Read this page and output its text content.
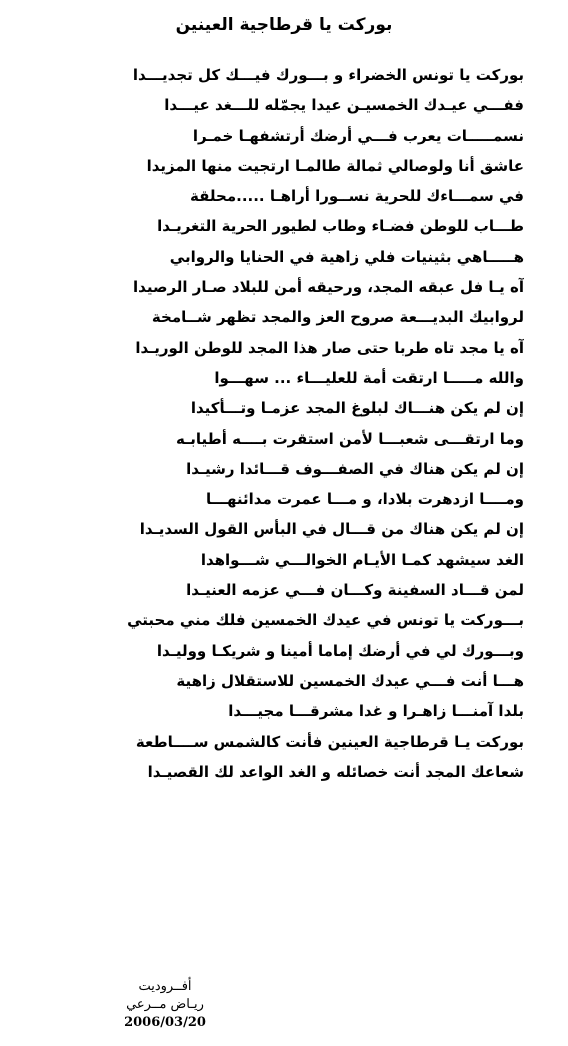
بوركت يا قرطاجية العينين
بوركت يا تونس الخضراء و بـــورك فيـــك كل تجديـــدا
ففـــي عيـدك الخمسيـن عيدا يجمّله للـــغد عيـــدا
نسمـــــات يعرب فـــي أرضك أرتشفهـا خمـرا
عاشق أنا ولوصالي ثمالة طالمـا ارتجيت منها المزيدا
في سمـــاءك للحرية نســورا أراهـا .....محلقة
طـــاب للوطن فضـاء وطاب لطيور الحرية التغريـدا
هـــــاهي بثينيات فلي زاهية في الحنايا والروابي
آه يـا فل عبقه المجد، ورحيقه أمن للبلاد صـار الرصيدا
لروابيك البديـــعة صروح العز والمجد تظهر شــامخة
آه يا مجد تاه طربا حتى صار هذا المجد للوطن الوريـدا
والله مـــــا ارتقت أمة للعليـــاء ... سهـــوا
إن لم يكن هنـــاك لبلوغ المجد عزمـا وتـــأكيدا
وما ارتقـــى شعبـــا لأمن استقرت بــــه أطيابـه
إن لم يكن هناك في الصفـــوف قـــائدا رشيـدا
ومــــا ازدهرت بلادا، و مـــا عمرت مدائنهـــا
إن لم يكن هناك من قـــال في البأس القول السديـدا
الغد سيشهد كمـا الأيـام الخوالـــي شـــواهدا
لمن قـــاد السفينة وكـــان فـــي عزمه العنيـدا
بـــوركت يا تونس في عيدك الخمسين فلك مني محبتي
وبـــورك لي في أرضك إماما أمينا و شريكـا ووليـدا
هـــا أنت فـــي عيدك الخمسين للاستقلال زاهية
بلدا آمنـــا زاهـرا و غدا مشرقـــا مجيـــدا
بوركت يـا قرطاجية العينين فأنت كالشمس ســــاطعة
شعاعك المجد أنت خصائله و الغد الواعد لك القصيـدا
أفــروديت
ريـاض مــرعي
2006/03/20
